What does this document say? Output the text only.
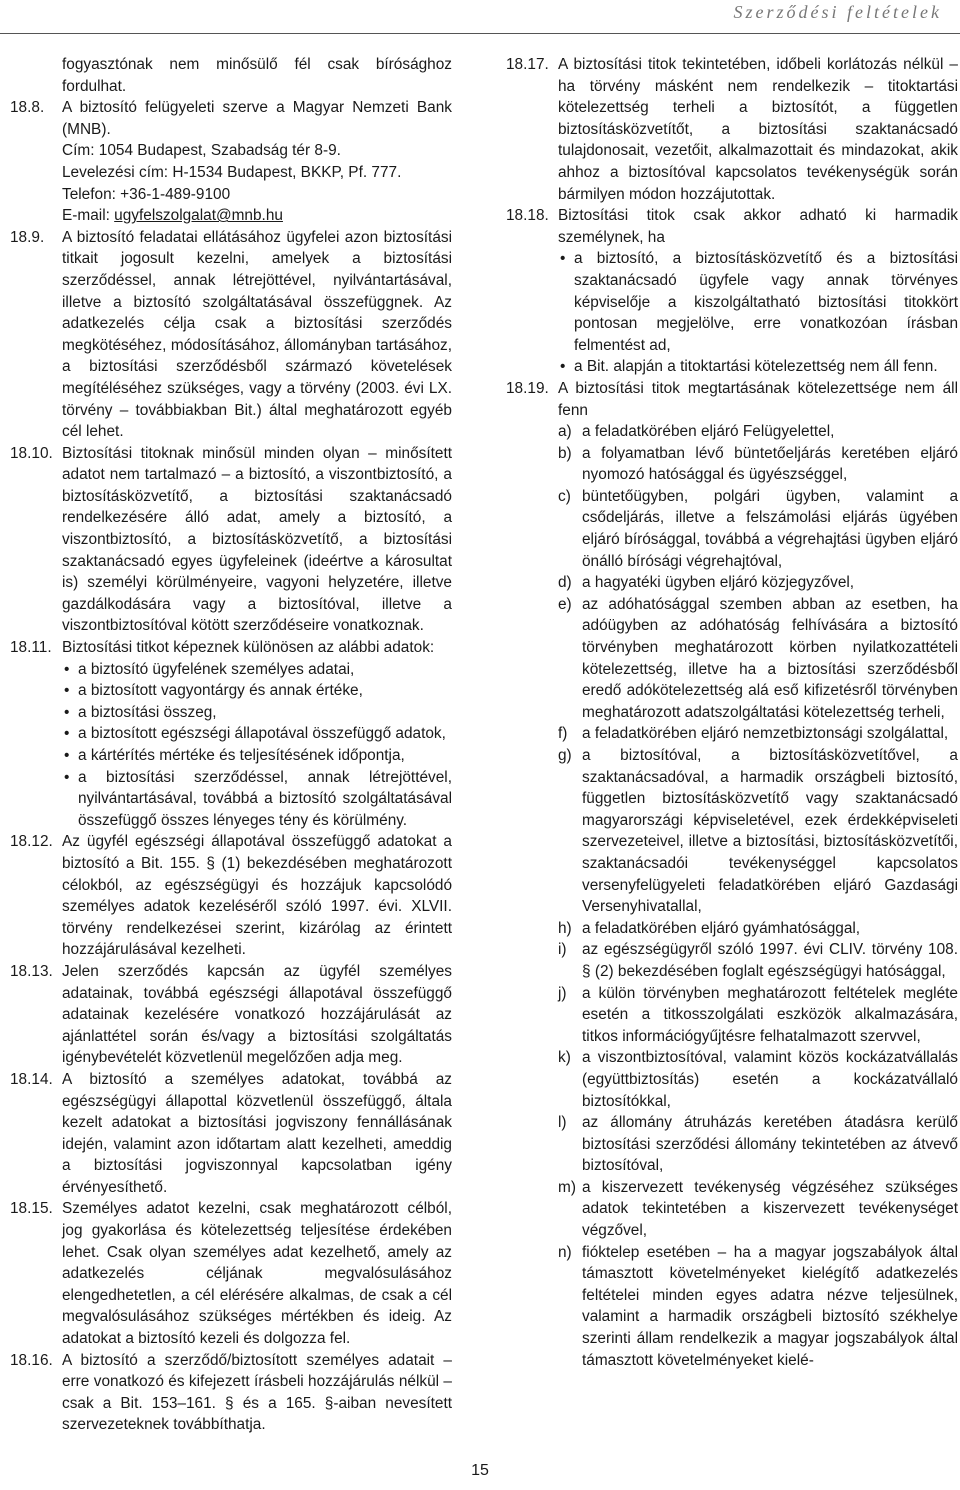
Szerződési feltételek
fogyasztónak nem minősülő fél csak bírósághoz fordulhat.
18.8.	A biztosító felügyeleti szerve a Magyar Nemzeti Bank (MNB).
Cím: 1054 Budapest, Szabadság tér 8-9.
Levelezési cím: H-1534 Budapest, BKKP, Pf. 777.
Telefon: +36-1-489-9100
E-mail: ugyfelszolgalat@mnb.hu
18.9.	A biztosító feladatai ellátásához ügyfelei azon biztosítási titkait jogosult kezelni, amelyek a biztosítási szerződéssel, annak létrejöttével, nyilvántartásával, illetve a biztosító szolgáltatásával összefüggnek. Az adatkezelés célja csak a biztosítási szerződés megkötéséhez, módosításához, állományban tartásához, a biztosítási szerződésből származó követelések megítéléséhez szükséges, vagy a törvény (2003. évi LX. törvény – továbbiakban Bit.) által meghatározott egyéb cél lehet.
18.10. Biztosítási titoknak minősül minden olyan – minősített adatot nem tartalmazó – a biztosító, a viszontbiztosító, a biztosításközvetítő, a biztosítási szaktanácsadó rendelkezésére álló adat, amely a biztosító, a viszontbiztosító, a biztosításközvetítő, a biztosítási szaktanácsadó egyes ügyfeleinek (ideértve a károsultat is) személyi körülményeire, vagyoni helyzetére, illetve gazdálkodására vagy a biztosítóval, illetve a viszontbiztosítóval kötött szerződéseire vonatkoznak.
18.11. Biztosítási titkot képeznek különösen az alábbi adatok:
• a biztosító ügyfelének személyes adatai,
• a biztosított vagyontárgy és annak értéke,
• a biztosítási összeg,
• a biztosított egészségi állapotával összefüggő adatok,
• a kártérítés mértéke és teljesítésének időpontja,
• a biztosítási szerződéssel, annak létrejöttével, nyilvántartásával, továbbá a biztosító szolgáltatásával összefüggő összes lényeges tény és körülmény.
18.12. Az ügyfél egészségi állapotával összefüggő adatokat a biztosító a Bit. 155. § (1) bekezdésében meghatározott célokból, az egészségügyi és hozzájuk kapcsolódó személyes adatok kezeléséről szóló 1997. évi. XLVII. törvény rendelkezései szerint, kizárólag az érintett hozzájárulásával kezelheti.
18.13. Jelen szerződés kapcsán az ügyfél személyes adatainak, továbbá egészségi állapotával összefüggő adatainak kezelésére vonatkozó hozzájárulását az ajánlattétel során és/vagy a biztosítási szolgáltatás igénybevételét közvetlenül megelőzően adja meg.
18.14. A biztosító a személyes adatokat, továbbá az egészségügyi állapottal közvetlenül összefüggő, általa kezelt adatokat a biztosítási jogviszony fennállásának idején, valamint azon időtartam alatt kezelheti, ameddig a biztosítási jogviszonnyal kapcsolatban igény érvényesíthető.
18.15. Személyes adatot kezelni, csak meghatározott célból, jog gyakorlása és kötelezettség teljesítése érdekében lehet. Csak olyan személyes adat kezelhető, amely az adatkezelés céljának megvalósulásához elengedhetetlen, a cél elérésére alkalmas, de csak a cél megvalósulásához szükséges mértékben és ideig. Az adatokat a biztosító kezeli és dolgozza fel.
18.16. A biztosító a szerződő/biztosított személyes adatait – erre vonatkozó és kifejezett írásbeli hozzájárulás nélkül – csak a Bit. 153–161. § és a 165. §-aiban nevesített szervezeteknek továbbíthatja.
18.17. A biztosítási titok tekintetében, időbeli korlátozás nélkül – ha törvény másként nem rendelkezik – titoktartási kötelezettség terheli a biztosítót, a független biztosításközvetítőt, a biztosítási szaktanácsadó tulajdonosait, vezetőit, alkalmazottait és mindazokat, akik ahhoz a biztosítóval kapcsolatos tevékenységük során bármilyen módon hozzájutottak.
18.18. Biztosítási titok csak akkor adható ki harmadik személynek, ha
• a biztosító, a biztosításközvetítő és a biztosítási szaktanácsadó ügyfele vagy annak törvényes képviselője a kiszolgáltatható biztosítási titokkört pontosan megjelölve, erre vonatkozóan írásban felmentést ad,
• a Bit. alapján a titoktartási kötelezettség nem áll fenn.
18.19. A biztosítási titok megtartásának kötelezettsége nem áll fenn
a) a feladatkörében eljáró Felügyelettel,
b) a folyamatban lévő büntetőeljárás keretében eljáró nyomozó hatósággal és ügyészséggel,
c) büntetőügyben, polgári ügyben, valamint a csődeljárás, illetve a felszámolási eljárás ügyében eljáró bírósággal, továbbá a végrehajtási ügyben eljáró önálló bírósági végrehajtóval,
d) a hagyatéki ügyben eljáró közjegyzővel,
e) az adóhatósággal szemben abban az esetben, ha adóügyben az adóhatóság felhívására a biztosító törvényben meghatározott körben nyilatkozattételi kötelezettség, illetve ha a biztosítási szerződésből eredő adókötelezettség alá eső kifizetésről törvényben meghatározott adatszolgáltatási kötelezettség terheli,
f) a feladatkörében eljáró nemzetbiztonsági szolgálattal,
g) a biztosítóval, a biztosításközvetítővel, a szaktanácsadóval, a harmadik országbeli biztosító, független biztosításközvetítő vagy szaktanácsadó magyarországi képviseletével, ezek érdekképviseleti szervezeteivel, illetve a biztosítási, biztosításközvetítői, szaktanácsadói tevékenységgel kapcsolatos versenyfelügyeleti feladatkörében eljáró Gazdasági Versenyhivatallal,
h) a feladatkörében eljáró gyámhatósággal,
i)	az egészségügyről szóló 1997. évi CLIV. törvény 108. § (2) bekezdésében foglalt egészségügyi hatósággal,
j)	a külön törvényben meghatározott feltételek megléte esetén a titkosszolgálati eszközök alkalmazására, titkos információgyűjtésre felhatalmazott szervvel,
k) a viszontbiztosítóval, valamint közös kockázatvállalás (együttbiztosítás) esetén a kockázatvállaló biztosítókkal,
l)	az állomány átruházás keretében átadásra kerülő biztosítási szerződési állomány tekintetében az átvevő biztosítóval,
m) a kiszervezett tevékenység végzéséhez szükséges adatok tekintetében a kiszervezett tevékenységet végzővel,
n) fióktelep esetében – ha a magyar jogszabályok által támasztott követelményeket kielégítő adatkezelés feltételei minden egyes adatra nézve teljesülnek, valamint a harmadik országbeli biztosító székhelye szerinti állam rendelkezik a magyar jogszabályok által támasztott követelményeket kielé-
15
